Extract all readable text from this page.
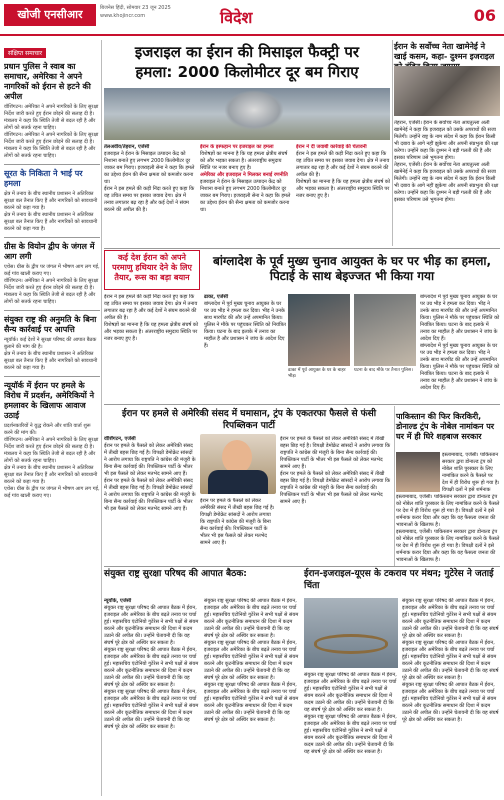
खोजी एनसीआर	बिजनेस हिंदी, सोमवार 23 जून 2025
www.khojincr.com	विदेश	06
संक्षिप्त समाचार
प्रधान पुलिस ने स्वाब का समाचार, अमेरिका ने अपने नागरिकों को ईरान से हटने की अपील
वॉशिंगटन। अमेरिका ने अपने नागरिकों के लिए सुरक्षा निर्देश जारी करते हुए ईरान छोड़ने की सलाह दी है। मंत्रालय ने कहा कि स्थिति तेजी से बदल रही है और लोगों को सतर्क रहना चाहिए।
वॉशिंगटन। अमेरिका ने अपने नागरिकों के लिए सुरक्षा निर्देश जारी करते हुए ईरान छोड़ने की सलाह दी है। मंत्रालय ने कहा कि स्थिति तेजी से बदल रही है और लोगों को सतर्क रहना चाहिए।
सूरत के निकिता ने भाई पर हमला
क्षेत्र में तनाव के बीच स्थानीय प्रशासन ने अतिरिक्त सुरक्षा बल तैनात किए हैं और नागरिकों को सावधानी बरतने को कहा गया है।
क्षेत्र में तनाव के बीच स्थानीय प्रशासन ने अतिरिक्त सुरक्षा बल तैनात किए हैं और नागरिकों को सावधानी बरतने को कहा गया है।
ग्रीस के वियोन द्वीप के जंगल में आग लगी
एथेंस। ग्रीस के द्वीप पर जंगल में भीषण आग लग गई, कई गांव खाली कराए गए।
वॉशिंगटन। अमेरिका ने अपने नागरिकों के लिए सुरक्षा निर्देश जारी करते हुए ईरान छोड़ने की सलाह दी है। मंत्रालय ने कहा कि स्थिति तेजी से बदल रही है और लोगों को सतर्क रहना चाहिए।
संयुक्त राष्ट्र की अनुमति के बिना सैन्य कार्रवाई पर आपत्ति
न्यूयॉर्क। कई देशों ने सुरक्षा परिषद की आपात बैठक बुलाने की मांग की है।
क्षेत्र में तनाव के बीच स्थानीय प्रशासन ने अतिरिक्त सुरक्षा बल तैनात किए हैं और नागरिकों को सावधानी बरतने को कहा गया है।
न्यूयॉर्क में ईरान पर हमले के विरोध में प्रदर्शन, अमेरिकियों ने हमलावर के खिलाफ आवाज उठाई
प्रदर्शनकारियों ने युद्ध रोकने और शांति वार्ता शुरू करने की मांग की।
वॉशिंगटन। अमेरिका ने अपने नागरिकों के लिए सुरक्षा निर्देश जारी करते हुए ईरान छोड़ने की सलाह दी है। मंत्रालय ने कहा कि स्थिति तेजी से बदल रही है और लोगों को सतर्क रहना चाहिए।
क्षेत्र में तनाव के बीच स्थानीय प्रशासन ने अतिरिक्त सुरक्षा बल तैनात किए हैं और नागरिकों को सावधानी बरतने को कहा गया है।
एथेंस। ग्रीस के द्वीप पर जंगल में भीषण आग लग गई, कई गांव खाली कराए गए।
इजराइल का ईरान की मिसाइल फैक्ट्री पर
हमला: 2000 किलोमीटर दूर बम गिराए
तेलअवीव/तेहरान, एजेंसी
इजराइल ने ईरान के मिसाइल उत्पादन केंद्र को निशाना बनाते हुए लगभग 2000 किलोमीटर दूर जाकर बम गिराए। इजराइली सेना ने कहा कि हमले का उद्देश्य ईरान की सैन्य क्षमता को कमजोर करना था।
ईरान ने इस हमले की कड़ी निंदा करते हुए कहा कि वह उचित समय पर इसका जवाब देगा। क्षेत्र में तनाव लगातार बढ़ रहा है और कई देशों ने संयम बरतने की अपील की है।
ईरान के इस्फहान पर इजराइल का हमला
विशेषज्ञों का मानना है कि यह हमला क्षेत्रीय संघर्ष को और भड़का सकता है। अंतरराष्ट्रीय समुदाय स्थिति पर नजर बनाए हुए है।
अमेरिका और इजराइल ने मिलकर बनाई रणनीति
इजराइल ने ईरान के मिसाइल उत्पादन केंद्र को निशाना बनाते हुए लगभग 2000 किलोमीटर दूर जाकर बम गिराए। इजराइली सेना ने कहा कि हमले का उद्देश्य ईरान की सैन्य क्षमता को कमजोर करना था।
ईरान ने दी जवाबी कार्रवाई की चेतावनी
ईरान ने इस हमले की कड़ी निंदा करते हुए कहा कि वह उचित समय पर इसका जवाब देगा। क्षेत्र में तनाव लगातार बढ़ रहा है और कई देशों ने संयम बरतने की अपील की है।
विशेषज्ञों का मानना है कि यह हमला क्षेत्रीय संघर्ष को और भड़का सकता है। अंतरराष्ट्रीय समुदाय स्थिति पर नजर बनाए हुए है।
ईरान के सर्वोच्च नेता खामेनेई ने खाई कसम, कहा- दुश्मन इजराइल
तेहरान, एजेंसी। ईरान के सर्वोच्च नेता आयतुल्ला अली खामेनेई ने कहा कि इजराइल को उसके अपराधों की सजा मिलेगी। उन्होंने राष्ट्र के नाम संदेश में कहा कि ईरान किसी भी दबाव के आगे नहीं झुकेगा और अपनी संप्रभुता की रक्षा करेगा। उन्होंने कहा कि दुश्मन ने बड़ी गलती की है और इसका परिणाम उसे भुगतना होगा।
तेहरान, एजेंसी। ईरान के सर्वोच्च नेता आयतुल्ला अली खामेनेई ने कहा कि इजराइल को उसके अपराधों की सजा मिलेगी। उन्होंने राष्ट्र के नाम संदेश में कहा कि ईरान किसी भी दबाव के आगे नहीं झुकेगा और अपनी संप्रभुता की रक्षा करेगा। उन्होंने कहा कि दुश्मन ने बड़ी गलती की है और इसका परिणाम उसे भुगतना होगा।
कई देश ईरान को अपने परमाणु हथियार देने के लिए तैयार, रूस का बड़ा बयान
ईरान ने इस हमले की कड़ी निंदा करते हुए कहा कि वह उचित समय पर इसका जवाब देगा। क्षेत्र में तनाव लगातार बढ़ रहा है और कई देशों ने संयम बरतने की अपील की है।
विशेषज्ञों का मानना है कि यह हमला क्षेत्रीय संघर्ष को और भड़का सकता है। अंतरराष्ट्रीय समुदाय स्थिति पर नजर बनाए हुए है।
बांग्लादेश के पूर्व मुख्य चुनाव आयुक्त के घर पर भीड़ का हमला, पिटाई के साथ बेइज्जत भी किया गया
ढाका, एजेंसी
बांग्लादेश में पूर्व मुख्य चुनाव आयुक्त के घर पर उग्र भीड़ ने हमला कर दिया। भीड़ ने उनके साथ मारपीट की और उन्हें अपमानित किया। पुलिस ने मौके पर पहुंचकर स्थिति को नियंत्रित किया। घटना के बाद इलाके में तनाव का माहौल है और प्रशासन ने जांच के आदेश दिए हैं।
ढाका में पूर्व आयुक्त के घर के बाहर भीड़।
घटना के बाद मौके पर तैनात पुलिस।
बांग्लादेश में पूर्व मुख्य चुनाव आयुक्त के घर पर उग्र भीड़ ने हमला कर दिया। भीड़ ने उनके साथ मारपीट की और उन्हें अपमानित किया। पुलिस ने मौके पर पहुंचकर स्थिति को नियंत्रित किया। घटना के बाद इलाके में तनाव का माहौल है और प्रशासन ने जांच के आदेश दिए हैं।
बांग्लादेश में पूर्व मुख्य चुनाव आयुक्त के घर पर उग्र भीड़ ने हमला कर दिया। भीड़ ने उनके साथ मारपीट की और उन्हें अपमानित किया। पुलिस ने मौके पर पहुंचकर स्थिति को नियंत्रित किया। घटना के बाद इलाके में तनाव का माहौल है और प्रशासन ने जांच के आदेश दिए हैं।
ईरान पर हमले से अमेरिकी संसद में घमासान, ट्रंप के एकतरफा फैसले से फंसी रिपब्लिकन पार्टी
वॉशिंगटन, एजेंसी
ईरान पर हमले के फैसले को लेकर अमेरिकी संसद में तीखी बहस छिड़ गई है। विपक्षी डेमोक्रेट सांसदों ने आरोप लगाया कि राष्ट्रपति ने कांग्रेस की मंजूरी के बिना सैन्य कार्रवाई की। रिपब्लिकन पार्टी के भीतर भी इस फैसले को लेकर मतभेद सामने आए हैं।
ईरान पर हमले के फैसले को लेकर अमेरिकी संसद में तीखी बहस छिड़ गई है। विपक्षी डेमोक्रेट सांसदों ने आरोप लगाया कि राष्ट्रपति ने कांग्रेस की मंजूरी के बिना सैन्य कार्रवाई की। रिपब्लिकन पार्टी के भीतर भी इस फैसले को लेकर मतभेद सामने आए हैं।
ईरान पर हमले के फैसले को लेकर अमेरिकी संसद में तीखी बहस छिड़ गई है। विपक्षी डेमोक्रेट सांसदों ने आरोप लगाया कि राष्ट्रपति ने कांग्रेस की मंजूरी के बिना सैन्य कार्रवाई की। रिपब्लिकन पार्टी के भीतर भी इस फैसले को लेकर मतभेद सामने आए हैं।
ईरान पर हमले के फैसले को लेकर अमेरिकी संसद में तीखी बहस छिड़ गई है। विपक्षी डेमोक्रेट सांसदों ने आरोप लगाया कि राष्ट्रपति ने कांग्रेस की मंजूरी के बिना सैन्य कार्रवाई की। रिपब्लिकन पार्टी के भीतर भी इस फैसले को लेकर मतभेद सामने आए हैं।
ईरान पर हमले के फैसले को लेकर अमेरिकी संसद में तीखी बहस छिड़ गई है। विपक्षी डेमोक्रेट सांसदों ने आरोप लगाया कि राष्ट्रपति ने कांग्रेस की मंजूरी के बिना सैन्य कार्रवाई की। रिपब्लिकन पार्टी के भीतर भी इस फैसले को लेकर मतभेद सामने आए हैं।
पाकिस्तान की फिर किरकिरी, डोनाल्ड ट्रंप के नोबेल नामांकन पर घर में ही घिरे शहबाज सरकार
इस्लामाबाद, एजेंसी। पाकिस्तान सरकार द्वारा डोनाल्ड ट्रंप को नोबेल शांति पुरस्कार के लिए नामांकित करने के फैसले पर देश में ही विरोध शुरू हो गया है। विपक्षी दलों ने इसे शर्मनाक
इस्लामाबाद, एजेंसी। पाकिस्तान सरकार द्वारा डोनाल्ड ट्रंप को नोबेल शांति पुरस्कार के लिए नामांकित करने के फैसले पर देश में ही विरोध शुरू हो गया है। विपक्षी दलों ने इसे शर्मनाक करार दिया और कहा कि यह फैसला जनता की भावनाओं के खिलाफ है।
इस्लामाबाद, एजेंसी। पाकिस्तान सरकार द्वारा डोनाल्ड ट्रंप को नोबेल शांति पुरस्कार के लिए नामांकित करने के फैसले पर देश में ही विरोध शुरू हो गया है। विपक्षी दलों ने इसे शर्मनाक करार दिया और कहा कि यह फैसला जनता की भावनाओं के खिलाफ है।
संयुक्त राष्ट्र सुरक्षा परिषद की आपात बैठक:	ईरान-इजराइल-यूएस के टकराव पर मंथन; गुटेरेस ने जताई चिंता
न्यूयॉर्क, एजेंसी
संयुक्त राष्ट्र सुरक्षा परिषद की आपात बैठक में ईरान, इजराइल और अमेरिका के बीच बढ़ते तनाव पर चर्चा हुई। महासचिव एंटोनियो गुटेरेस ने सभी पक्षों से संयम बरतने और कूटनीतिक समाधान की दिशा में कदम उठाने की अपील की। उन्होंने चेतावनी दी कि यह संघर्ष पूरे क्षेत्र को अस्थिर कर सकता है।
संयुक्त राष्ट्र सुरक्षा परिषद की आपात बैठक में ईरान, इजराइल और अमेरिका के बीच बढ़ते तनाव पर चर्चा हुई। महासचिव एंटोनियो गुटेरेस ने सभी पक्षों से संयम बरतने और कूटनीतिक समाधान की दिशा में कदम उठाने की अपील की। उन्होंने चेतावनी दी कि यह संघर्ष पूरे क्षेत्र को अस्थिर कर सकता है।
संयुक्त राष्ट्र सुरक्षा परिषद की आपात बैठक में ईरान, इजराइल और अमेरिका के बीच बढ़ते तनाव पर चर्चा हुई। महासचिव एंटोनियो गुटेरेस ने सभी पक्षों से संयम बरतने और कूटनीतिक समाधान की दिशा में कदम उठाने की अपील की। उन्होंने चेतावनी दी कि यह संघर्ष पूरे क्षेत्र को अस्थिर कर सकता है।
संयुक्त राष्ट्र सुरक्षा परिषद की आपात बैठक में ईरान, इजराइल और अमेरिका के बीच बढ़ते तनाव पर चर्चा हुई। महासचिव एंटोनियो गुटेरेस ने सभी पक्षों से संयम बरतने और कूटनीतिक समाधान की दिशा में कदम उठाने की अपील की। उन्होंने चेतावनी दी कि यह संघर्ष पूरे क्षेत्र को अस्थिर कर सकता है।
संयुक्त राष्ट्र सुरक्षा परिषद की आपात बैठक में ईरान, इजराइल और अमेरिका के बीच बढ़ते तनाव पर चर्चा हुई। महासचिव एंटोनियो गुटेरेस ने सभी पक्षों से संयम बरतने और कूटनीतिक समाधान की दिशा में कदम उठाने की अपील की। उन्होंने चेतावनी दी कि यह संघर्ष पूरे क्षेत्र को अस्थिर कर सकता है।
संयुक्त राष्ट्र सुरक्षा परिषद की आपात बैठक में ईरान, इजराइल और अमेरिका के बीच बढ़ते तनाव पर चर्चा हुई। महासचिव एंटोनियो गुटेरेस ने सभी पक्षों से संयम बरतने और कूटनीतिक समाधान की दिशा में कदम उठाने की अपील की। उन्होंने चेतावनी दी कि यह संघर्ष पूरे क्षेत्र को अस्थिर कर सकता है।
संयुक्त राष्ट्र सुरक्षा परिषद की आपात बैठक में ईरान, इजराइल और अमेरिका के बीच बढ़ते तनाव पर चर्चा हुई। महासचिव एंटोनियो गुटेरेस ने सभी पक्षों से संयम बरतने और कूटनीतिक समाधान की दिशा में कदम उठाने की अपील की। उन्होंने चेतावनी दी कि यह संघर्ष पूरे क्षेत्र को अस्थिर कर सकता है।
संयुक्त राष्ट्र सुरक्षा परिषद की आपात बैठक में ईरान, इजराइल और अमेरिका के बीच बढ़ते तनाव पर चर्चा हुई। महासचिव एंटोनियो गुटेरेस ने सभी पक्षों से संयम बरतने और कूटनीतिक समाधान की दिशा में कदम उठाने की अपील की। उन्होंने चेतावनी दी कि यह संघर्ष पूरे क्षेत्र को अस्थिर कर सकता है।
संयुक्त राष्ट्र सुरक्षा परिषद की आपात बैठक में ईरान, इजराइल और अमेरिका के बीच बढ़ते तनाव पर चर्चा हुई। महासचिव एंटोनियो गुटेरेस ने सभी पक्षों से संयम बरतने और कूटनीतिक समाधान की दिशा में कदम उठाने की अपील की। उन्होंने चेतावनी दी कि यह संघर्ष पूरे क्षेत्र को अस्थिर कर सकता है।
संयुक्त राष्ट्र सुरक्षा परिषद की आपात बैठक में ईरान, इजराइल और अमेरिका के बीच बढ़ते तनाव पर चर्चा हुई। महासचिव एंटोनियो गुटेरेस ने सभी पक्षों से संयम बरतने और कूटनीतिक समाधान की दिशा में कदम उठाने की अपील की। उन्होंने चेतावनी दी कि यह संघर्ष पूरे क्षेत्र को अस्थिर कर सकता है।
संयुक्त राष्ट्र सुरक्षा परिषद की आपात बैठक में ईरान, इजराइल और अमेरिका के बीच बढ़ते तनाव पर चर्चा हुई। महासचिव एंटोनियो गुटेरेस ने सभी पक्षों से संयम बरतने और कूटनीतिक समाधान की दिशा में कदम उठाने की अपील की। उन्होंने चेतावनी दी कि यह संघर्ष पूरे क्षेत्र को अस्थिर कर सकता है।
